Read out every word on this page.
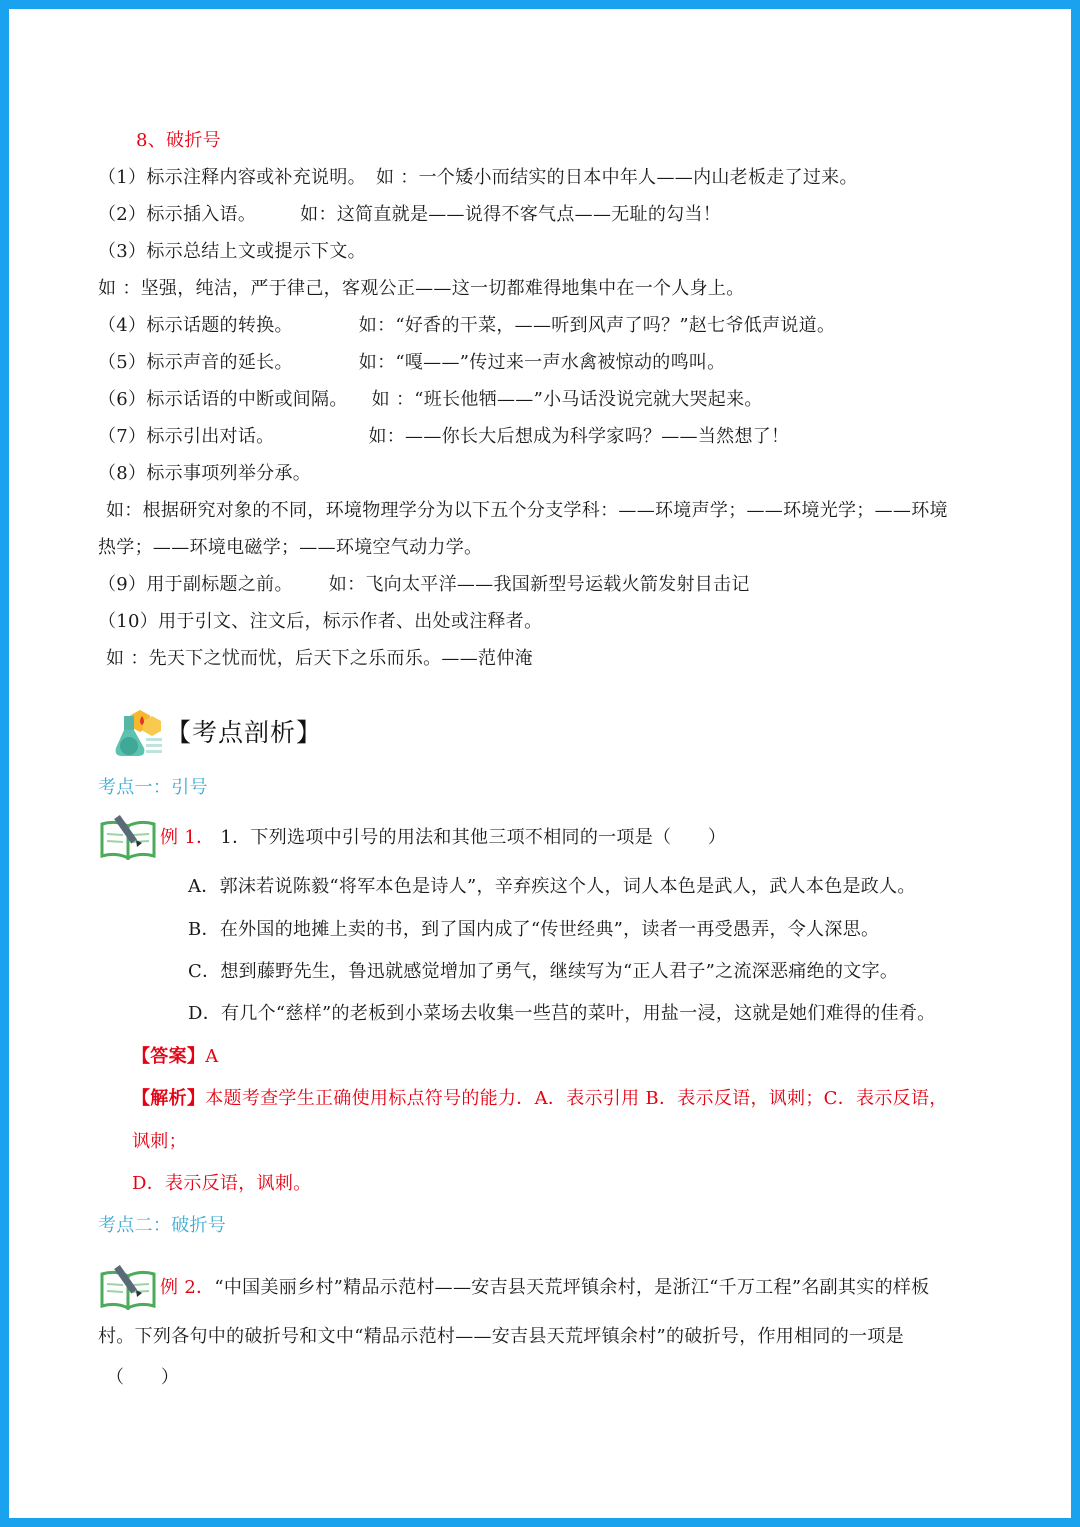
8、破折号
（1）标示注释内容或补充说明。 如 ：一个矮小而结实的日本中年人——内山老板走了过来。
（2）标示插入语。 如：这简直就是——说得不客气点——无耻的勾当！
（3）标示总结上文或提示下文。
如 ：坚强，纯洁，严于律己，客观公正——这一切都难得地集中在一个人身上。
（4）标示话题的转换。	如：“好香的干菜，——听到风声了吗？”赵七爷低声说道。
（5）标示声音的延长。	如：“嘎——”传过来一声水禽被惊动的鸣叫。
（6）标示话语的中断或间隔。 如 ：“班长他牺——”小马话没说完就大哭起来。
（7）标示引出对话。	如：——你长大后想成为科学家吗？——当然想了！
（8）标示事项列举分承。
如：根据研究对象的不同，环境物理学分为以下五个分支学科：——环境声学；——环境光学；——环境
热学；——环境电磁学；——环境空气动力学。
（9）用于副标题之前。 如：飞向太平洋——我国新型号运载火箭发射目击记
（10）用于引文、注文后，标示作者、出处或注释者。
如 ：先天下之忧而忧，后天下之乐而乐。——范仲淹
【考点剖析】
考点一：引号
例 1． 1．下列选项中引号的用法和其他三项不相同的一项是（　　）
A．郭沫若说陈毅“将军本色是诗人”，辛弃疾这个人，词人本色是武人，武人本色是政人。
B．在外国的地摊上卖的书，到了国内成了“传世经典”，读者一再受愚弄，令人深思。
C．想到藤野先生，鲁迅就感觉增加了勇气，继续写为“正人君子”之流深恶痛绝的文字。
D．有几个“慈样”的老板到小菜场去收集一些莒的菜叶，用盐一浸，这就是她们难得的佳肴。
【答案】A
【解析】本题考查学生正确使用标点符号的能力．A．表示引用 B．表示反语，讽刺；C．表示反语，
讽刺；
D．表示反语，讽刺。
考点二：破折号
例 2．“中国美丽乡村”精品示范村——安吉县天荒坪镇余村，是浙江“千万工程”名副其实的样板
村。下列各句中的破折号和文中“精品示范村——安吉县天荒坪镇余村”的破折号，作用相同的一项是
（　　）
